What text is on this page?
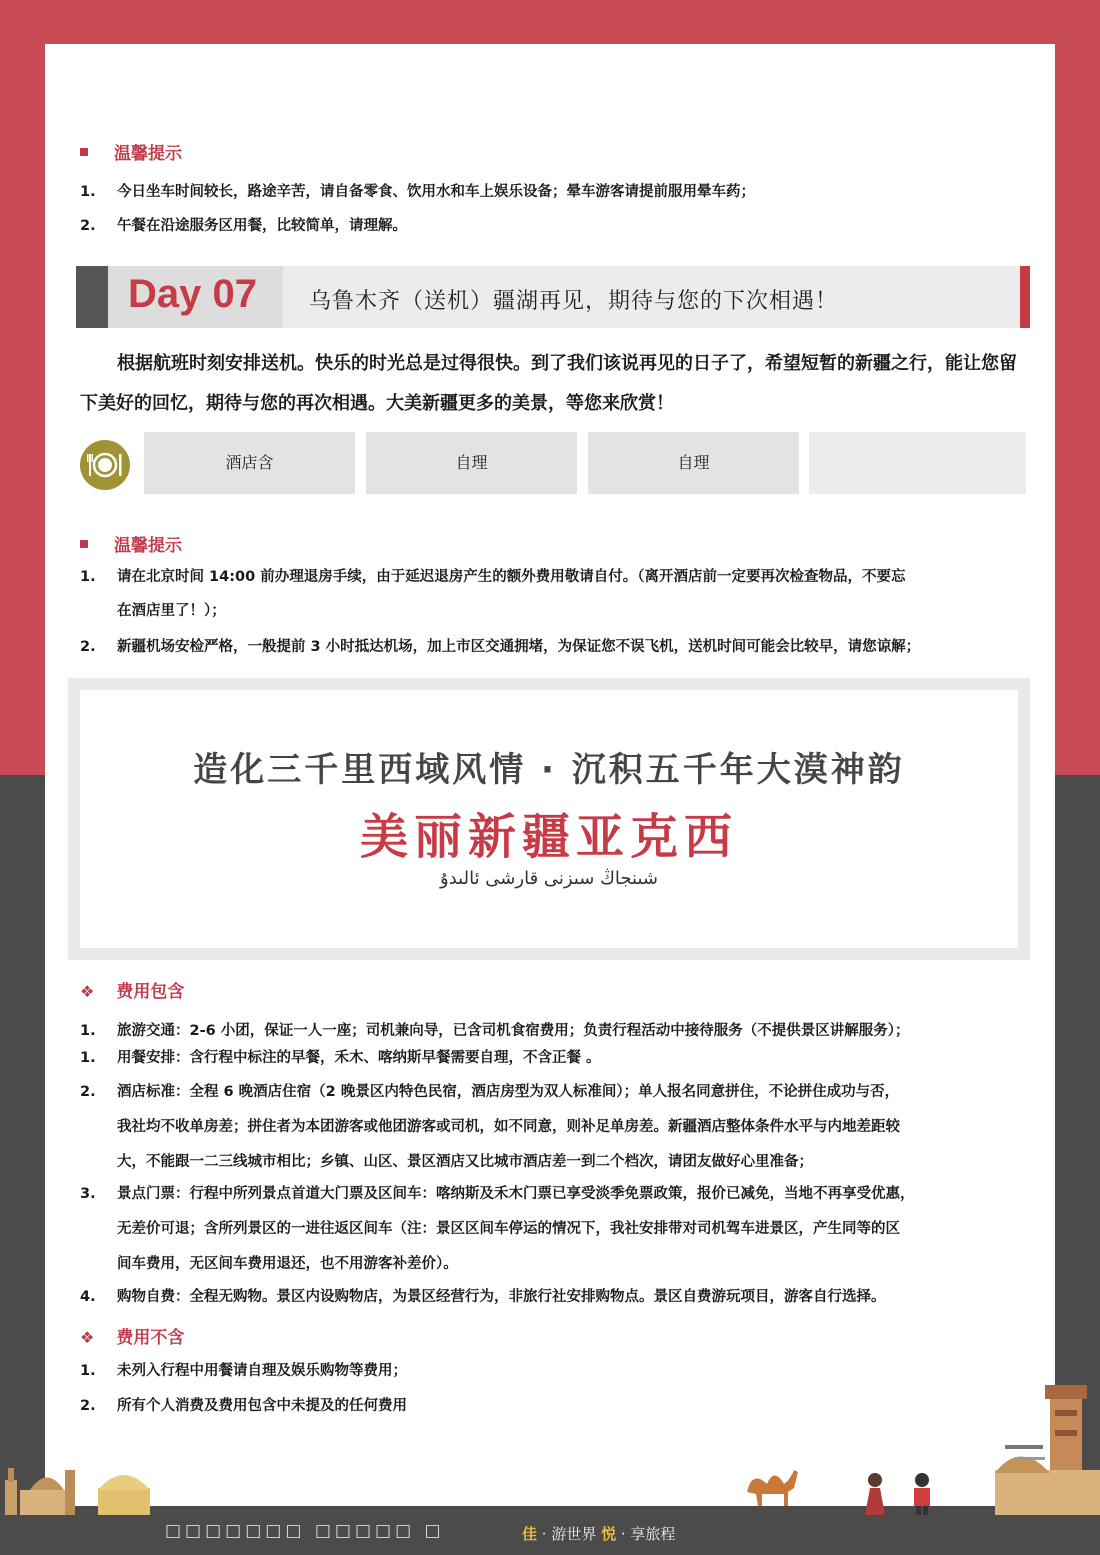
温馨提示
1. 今日坐车时间较长，路途辛苦，请自备零食、饮用水和车上娱乐设备；晕车游客请提前服用晕车药；
2. 午餐在沿途服务区用餐，比较简单，请理解。
Day 07 乌鲁木齐（送机）疆湖再见，期待与您的下次相遇！
根据航班时刻安排送机。快乐的时光总是过得很快。到了我们该说再见的日子了，希望短暂的新疆之行，能让您留下美好的回忆，期待与您的再次相遇。大美新疆更多的美景，等您来欣赏！
酒店含	自理	自理
温馨提示
1. 请在北京时间 14:00 前办理退房手续，由于延迟退房产生的额外费用敬请自付。（离开酒店前一定要再次检查物品，不要忘
在酒店里了！）；
2. 新疆机场安检严格，一般提前 3 小时抵达机场，加上市区交通拥堵，为保证您不误飞机，送机时间可能会比较早，请您谅解；
造化三千里西域风情 · 沉积五千年大漠神韵
美丽新疆亚克西
شىنجاڭ سىزنى قارشى ئالىدۇ
❖ 费用包含
1. 旅游交通：2-6 小团，保证一人一座；司机兼向导，已含司机食宿费用；负责行程活动中接待服务（不提供景区讲解服务）；
1. 用餐安排：含行程中标注的早餐，禾木、喀纳斯早餐需要自理，不含正餐 。
2. 酒店标准：全程 6 晚酒店住宿（2 晚景区内特色民宿，酒店房型为双人标准间）；单人报名同意拼住，不论拼住成功与否，
我社均不收单房差；拼住者为本团游客或他团游客或司机，如不同意，则补足单房差。新疆酒店整体条件水平与内地差距较
大，不能跟一二三线城市相比；乡镇、山区、景区酒店又比城市酒店差一到二个档次，请团友做好心里准备；
3. 景点门票：行程中所列景点首道大门票及区间车：喀纳斯及禾木门票已享受淡季免票政策，报价已减免，当地不再享受优惠，
无差价可退；含所列景区的一进往返区间车（注：景区区间车停运的情况下，我社安排带对司机驾车进景区，产生同等的区
间车费用，无区间车费用退还，也不用游客补差价）。
4. 购物自费：全程无购物。景区内设购物店，为景区经营行为，非旅行社安排购物点。景区自费游玩项目，游客自行选择。
❖ 费用不含
1. 未列入行程中用餐请自理及娱乐购物等费用；
2. 所有个人消费及费用包含中未提及的任何费用
□□□□□□□ □□□□□ □	佳 · 游世界 悦 · 享旅程
